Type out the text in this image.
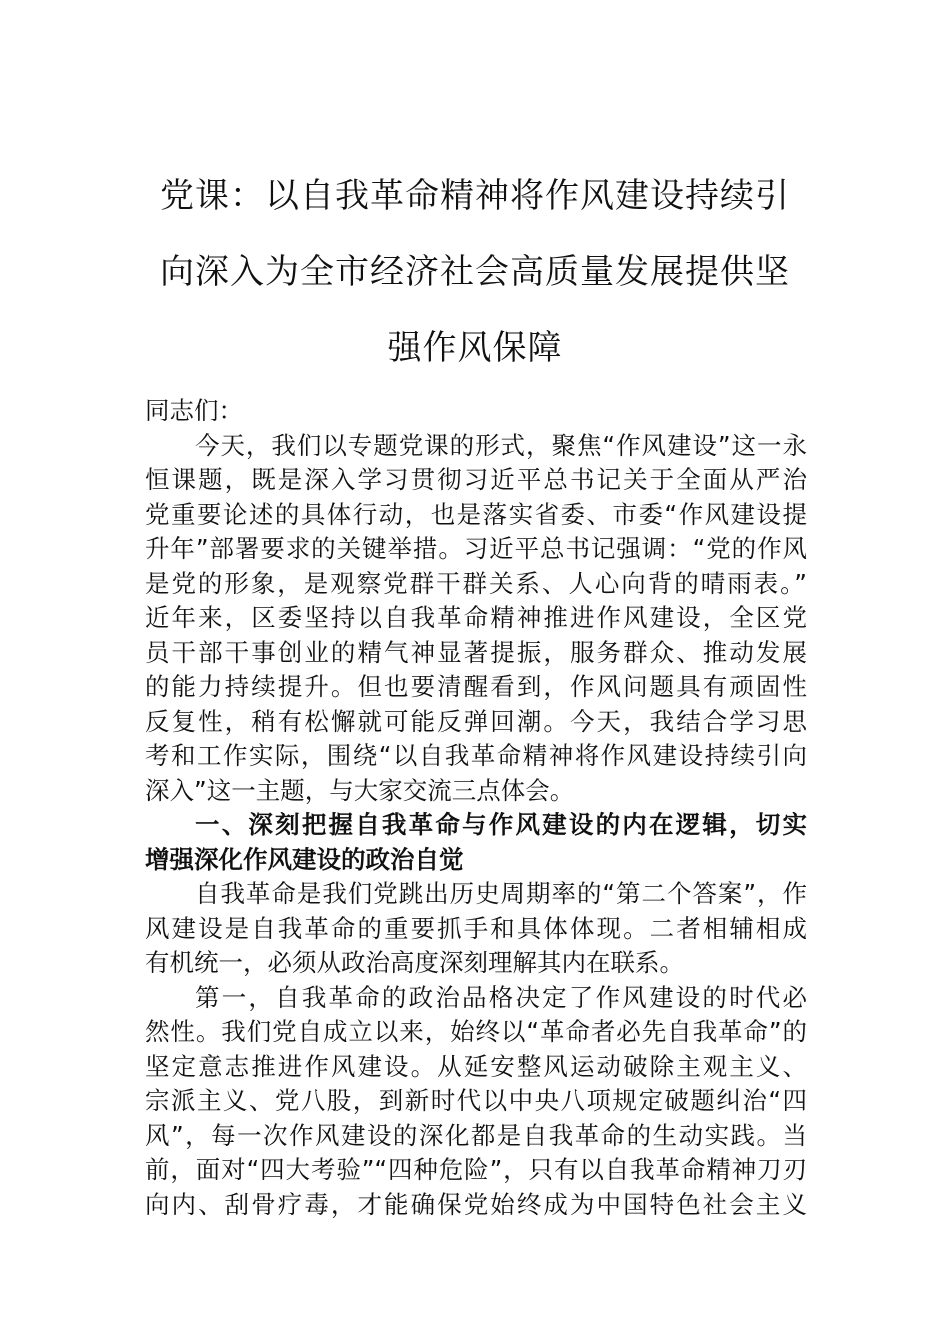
党课：以自我革命精神将作风建设持续引
向深入为全市经济社会高质量发展提供坚
强作风保障
同志们：
今天，我们以专题党课的形式，聚焦“作风建设”这一永
恒课题，既是深入学习贯彻习近平总书记关于全面从严治
党重要论述的具体行动，也是落实省委、市委“作风建设提
升年”部署要求的关键举措。习近平总书记强调：“党的作风
是党的形象，是观察党群干群关系、人心向背的晴雨表。”
近年来，区委坚持以自我革命精神推进作风建设，全区党
员干部干事创业的精气神显著提振，服务群众、推动发展
的能力持续提升。但也要清醒看到，作风问题具有顽固性
反复性，稍有松懈就可能反弹回潮。今天，我结合学习思
考和工作实际，围绕“以自我革命精神将作风建设持续引向
深入”这一主题，与大家交流三点体会。
一、深刻把握自我革命与作风建设的内在逻辑，切实
增强深化作风建设的政治自觉
自我革命是我们党跳出历史周期率的“第二个答案”，作
风建设是自我革命的重要抓手和具体体现。二者相辅相成
有机统一，必须从政治高度深刻理解其内在联系。
第一，自我革命的政治品格决定了作风建设的时代必
然性。我们党自成立以来，始终以“革命者必先自我革命”的
坚定意志推进作风建设。从延安整风运动破除主观主义、
宗派主义、党八股，到新时代以中央八项规定破题纠治“四
风”，每一次作风建设的深化都是自我革命的生动实践。当
前，面对“四大考验”“四种危险”，只有以自我革命精神刀刃
向内、刮骨疗毒，才能确保党始终成为中国特色社会主义
